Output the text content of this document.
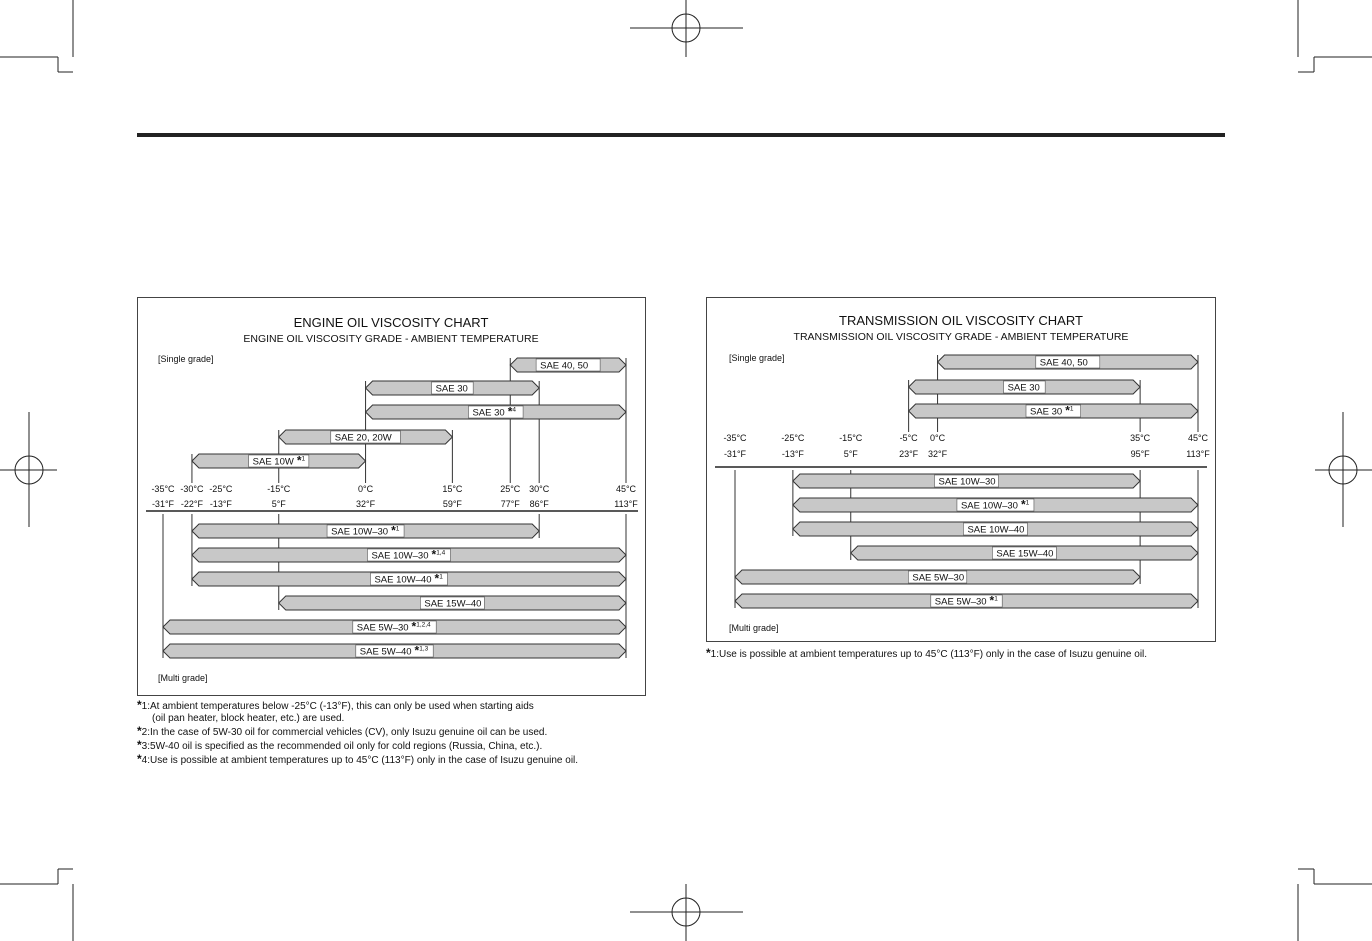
ENGINE OIL VISCOSITY CHART
ENGINE OIL VISCOSITY GRADE - AMBIENT TEMPERATURE
[Single grade]
[Multi grade]
-35°C
-31°F
-30°C
-22°F
-25°C
-13°F
-15°C
5°F
0°C
32°F
15°C
59°F
25°C
77°F
30°C
86°F
45°C
113°F
SAE 40, 50
SAE 30
SAE 30 *$^4$
SAE 20, 20W
SAE 10W *$^1$
SAE 10W–30 *$^1$
SAE 10W–30 *$^{1,4}$
SAE 10W–40 *$^1$
SAE 15W–40
SAE 5W–30 *$^{1,2,4}$
SAE 5W–40 *$^{1,3}$
*1:At ambient temperatures below -25°C (-13°F), this can only be used when starting aids
(oil pan heater, block heater, etc.) are used.
*2:In the case of 5W-30 oil for commercial vehicles (CV), only Isuzu genuine oil can be used.
*3:5W-40 oil is specified as the recommended oil only for cold regions (Russia, China, etc.).
*4:Use is possible at ambient temperatures up to 45°C (113°F) only in the case of Isuzu genuine oil.
TRANSMISSION OIL VISCOSITY CHART
TRANSMISSION OIL VISCOSITY GRADE - AMBIENT TEMPERATURE
[Single grade]
[Multi grade]
-35°C
-31°F
-25°C
-13°F
-15°C
5°F
-5°C
23°F
0°C
32°F
35°C
95°F
45°C
113°F
SAE 40, 50
SAE 30
SAE 30 *$^1$
SAE 10W–30
SAE 10W–30 *$^1$
SAE 10W–40
SAE 15W–40
SAE 5W–30
SAE 5W–30 *$^1$
*1:Use is possible at ambient temperatures up to 45°C (113°F) only in the case of Isuzu genuine oil.
